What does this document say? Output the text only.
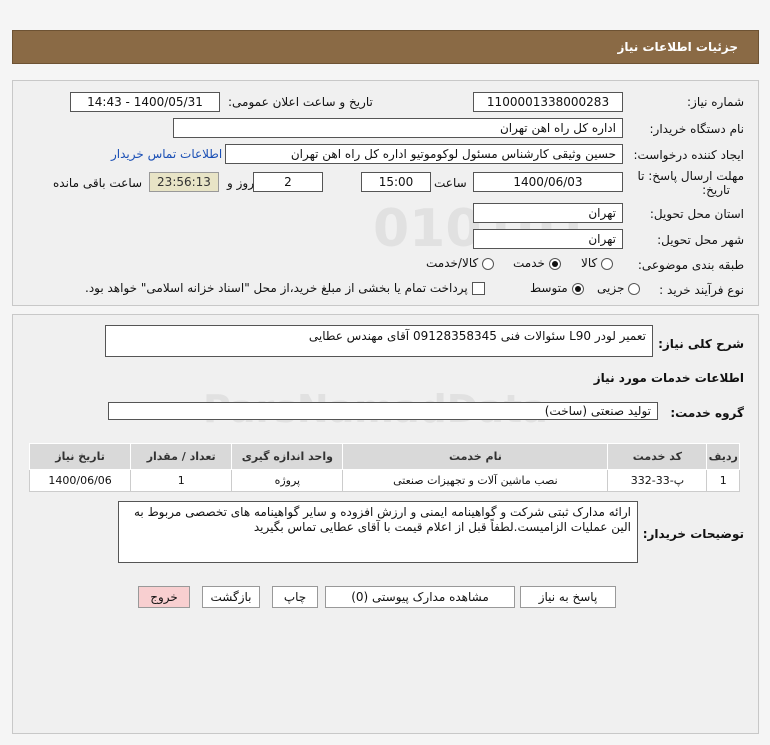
جزئیات اطلاعات نیاز
شماره نیاز:
1100001338000283
تاریخ و ساعت اعلان عمومی:
1400/05/31 - 14:43
نام دستگاه خریدار:
اداره کل راه اهن تهران
ایجاد کننده درخواست:
حسین وثیقی کارشناس مسئول لوکوموتیو اداره کل راه اهن تهران
اطلاعات تماس خریدار
مهلت ارسال پاسخ: تا
تاریخ:
1400/06/03
ساعت
15:00
2
روز و
23:56:13
ساعت باقی مانده
استان محل تحویل:
تهران
شهر محل تحویل:
تهران
طبقه بندی موضوعی:
کالا
خدمت
کالا/خدمت
نوع فرآیند خرید :
جزیی
متوسط
پرداخت تمام یا بخشی از مبلغ خرید،از محل "اسناد خزانه اسلامی" خواهد بود.
شرح کلی نیاز:
تعمیر لودر L90 سئوالات فنی 09128358345 آقای مهندس عطایی
اطلاعات خدمات مورد نیاز
گروه خدمت:
تولید صنعتی (ساخت)
ردیف	کد خدمت	نام خدمت	واحد اندازه گیری	تعداد / مقدار	تاریخ نیاز
1	پ-33-332	نصب ماشین آلات و تجهیزات صنعتی	پروژه	1	1400/06/06
توضیحات خریدار:
ارائه مدارک ثبتی شرکت و گواهینامه ایمنی و ارزش افزوده و سایر گواهینامه های تخصصی مربوط به الین عملیات الزامیست.لطفاً قبل از اعلام قیمت با آقای عطایی تماس بگیرید
پاسخ به نیاز
مشاهده مدارک پیوستی (0)
چاپ
بازگشت
خروج
